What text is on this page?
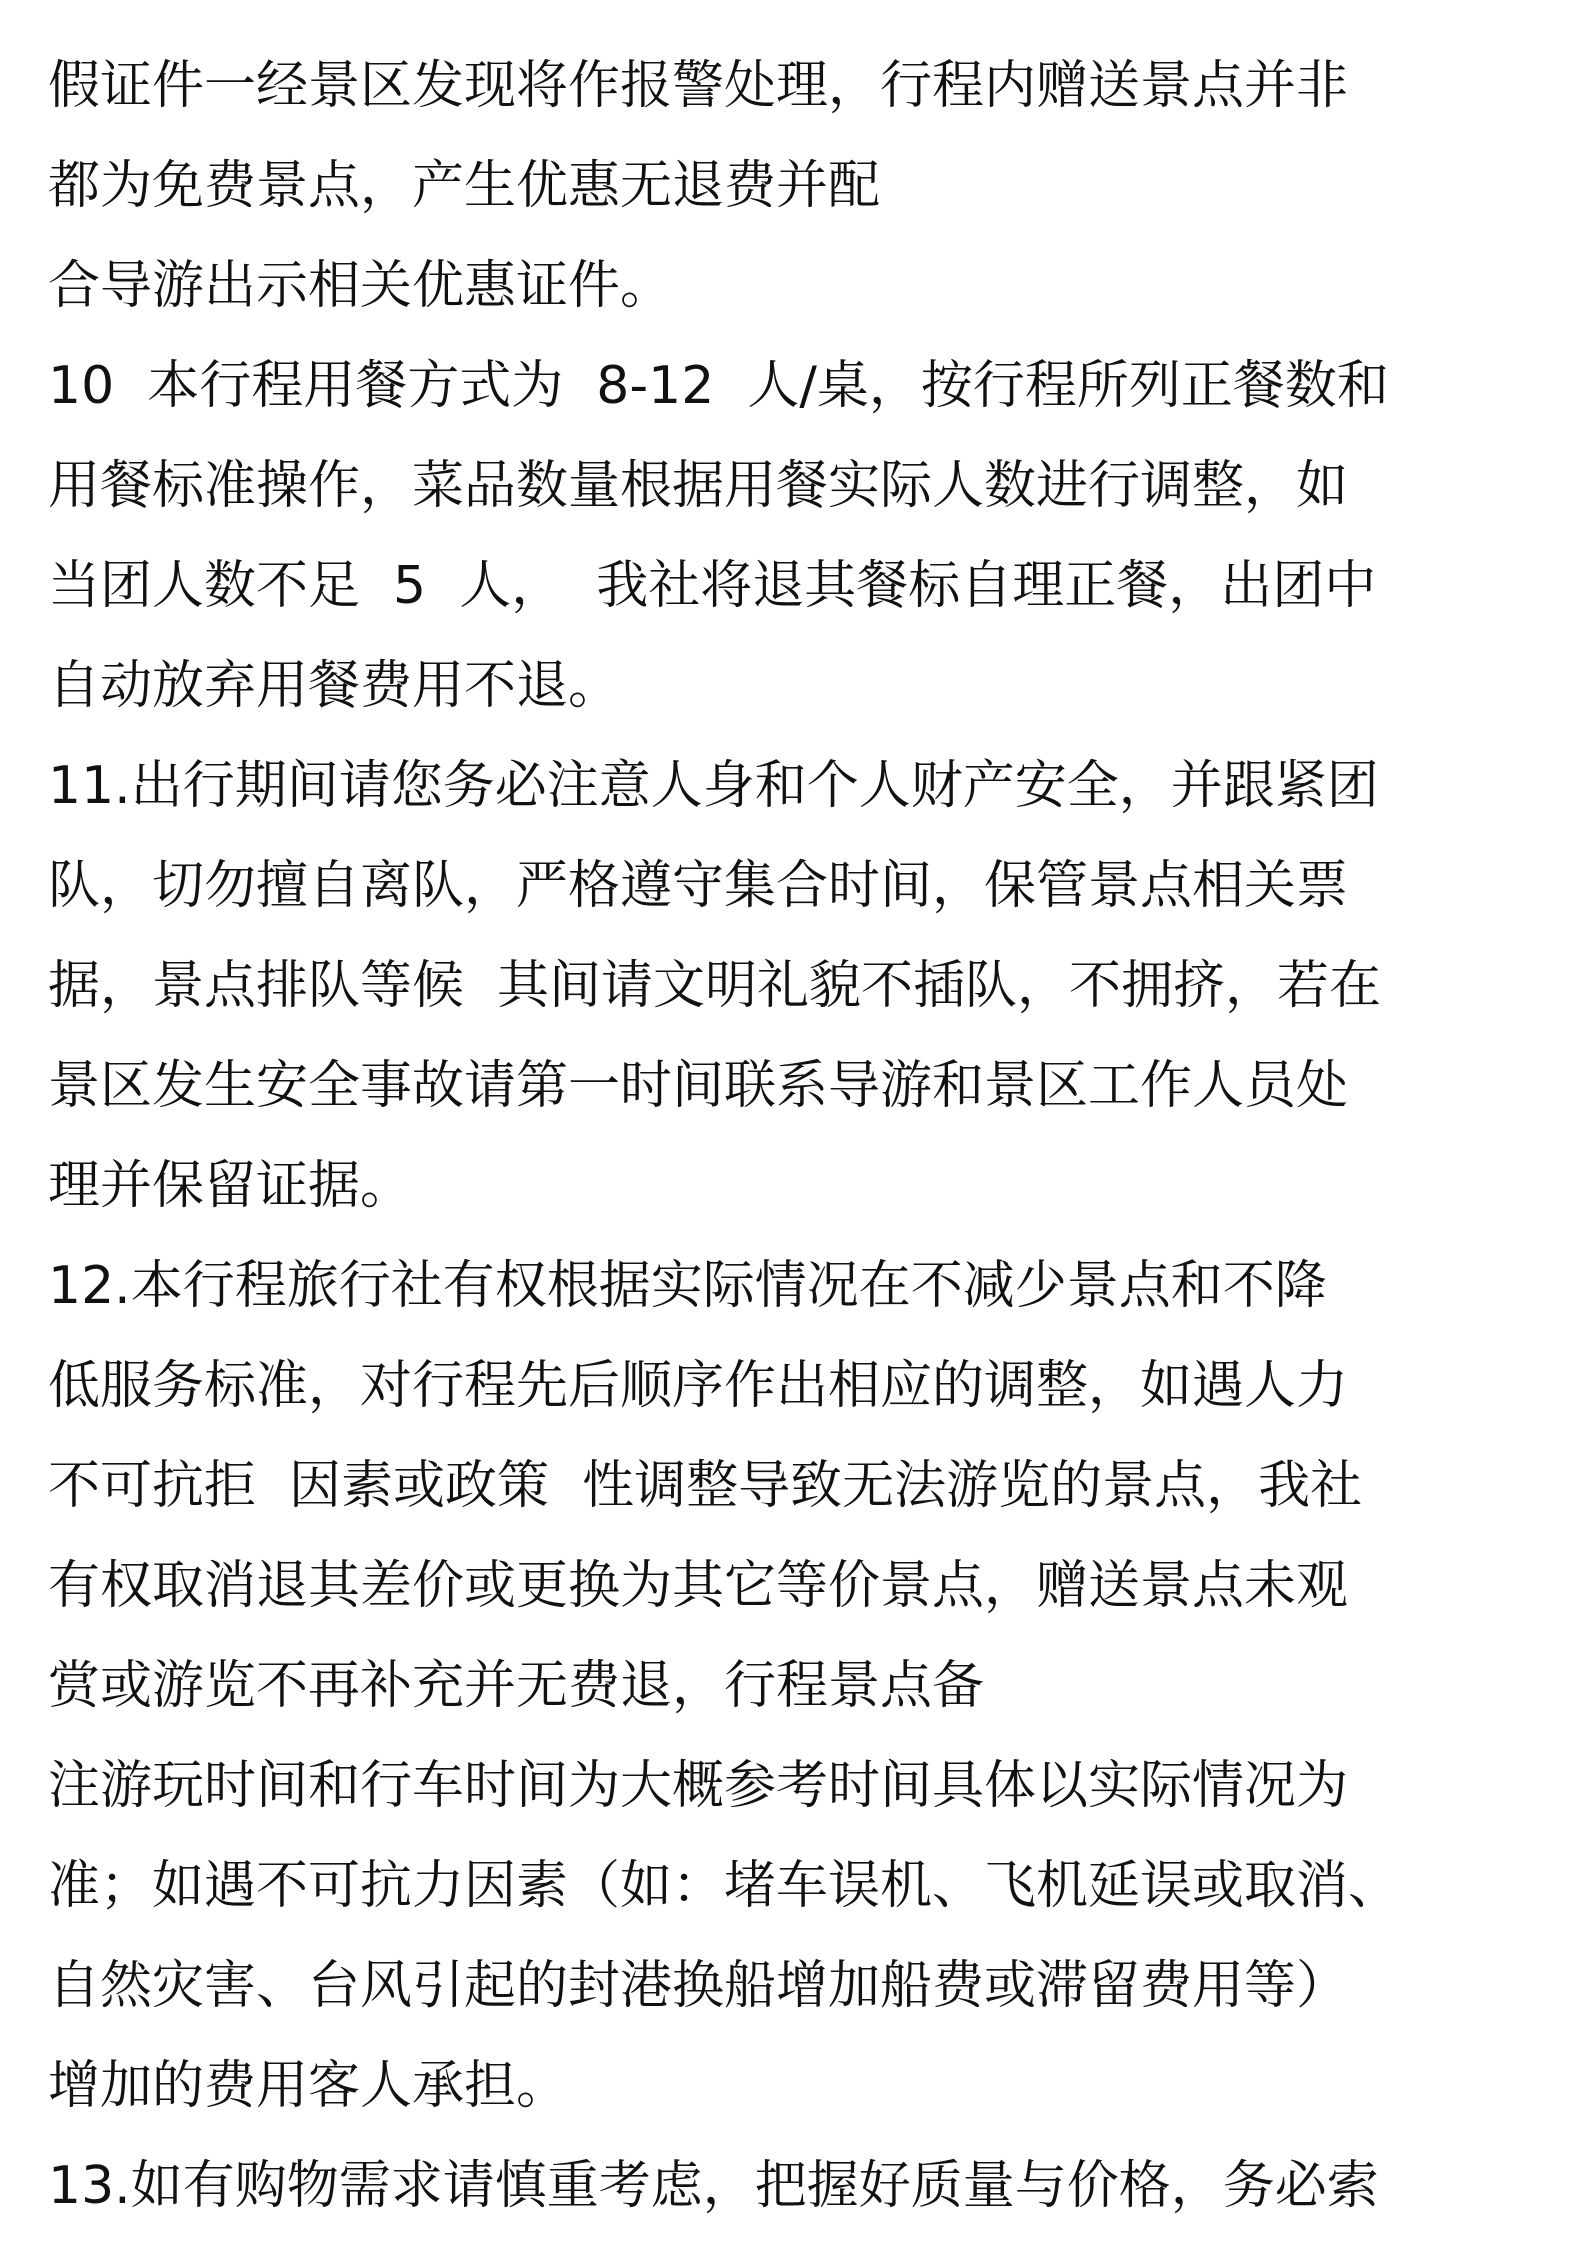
假证件一经景区发现将作报警处理，行程内赠送景点并非
都为免费景点，产生优惠无退费并配
合导游出示相关优惠证件。
10  本行程用餐方式为  8-12  人/桌，按行程所列正餐数和
用餐标准操作，菜品数量根据用餐实际人数进行调整，如
当团人数不足  5  人，  我社将退其餐标自理正餐，出团中
自动放弃用餐费用不退。
11.出行期间请您务必注意人身和个人财产安全，并跟紧团
队，切勿擅自离队，严格遵守集合时间，保管景点相关票
据，景点排队等候  其间请文明礼貌不插队，不拥挤，若在
景区发生安全事故请第一时间联系导游和景区工作人员处
理并保留证据。
12.本行程旅行社有权根据实际情况在不减少景点和不降
低服务标准，对行程先后顺序作出相应的调整，如遇人力
不可抗拒  因素或政策  性调整导致无法游览的景点，我社
有权取消退其差价或更换为其它等价景点，赠送景点未观
赏或游览不再补充并无费退，行程景点备
注游玩时间和行车时间为大概参考时间具体以实际情况为
准；如遇不可抗力因素（如：堵车误机、飞机延误或取消、
自然灾害、台风引起的封港换船增加船费或滞留费用等）
增加的费用客人承担。
13.如有购物需求请慎重考虑，把握好质量与价格，务必索
